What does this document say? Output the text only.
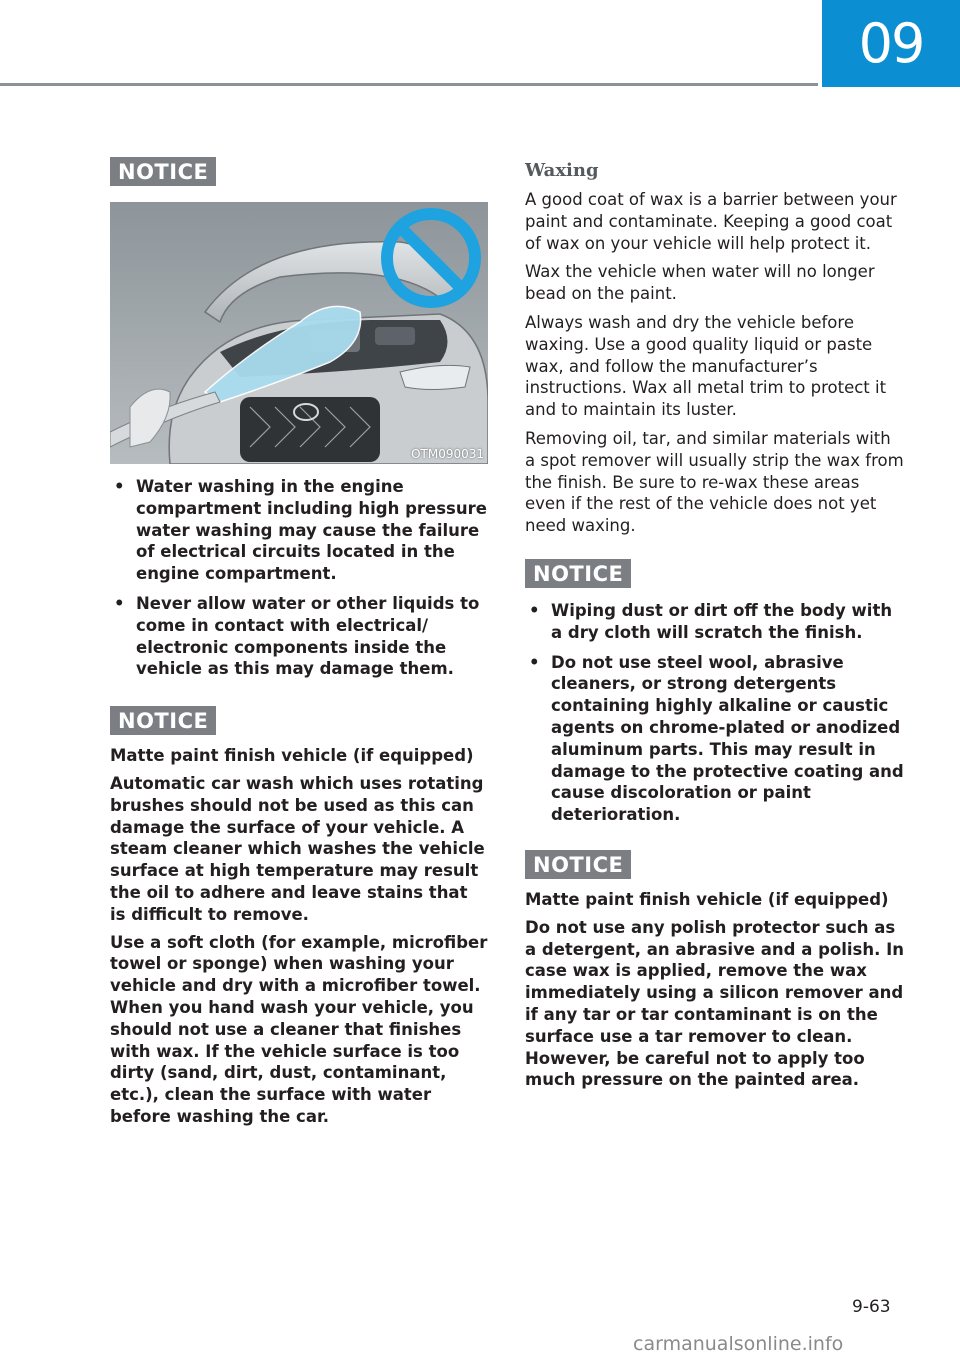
09
NOTICE
OTM090031
• Water washing in the engine compartment including high pressure water washing may cause the failure of electrical circuits located in the engine compartment.
• Never allow water or other liquids to come in contact with electrical/ electronic components inside the vehicle as this may damage them.
NOTICE

Matte paint finish vehicle (if equipped)

Automatic car wash which uses rotating brushes should not be used as this can damage the surface of your vehicle. A steam cleaner which washes the vehicle surface at high temperature may result the oil to adhere and leave stains that is difficult to remove.

Use a soft cloth (for example, microfiber towel or sponge) when washing your vehicle and dry with a microfiber towel. When you hand wash your vehicle, you should not use a cleaner that finishes with wax. If the vehicle surface is too dirty (sand, dirt, dust, contaminant, etc.), clean the surface with water before washing the car.

Waxing

A good coat of wax is a barrier between your paint and contaminate. Keeping a good coat of wax on your vehicle will help protect it.

Wax the vehicle when water will no longer bead on the paint.

Always wash and dry the vehicle before waxing. Use a good quality liquid or paste wax, and follow the manufacturer’s instructions. Wax all metal trim to protect it and to maintain its luster.

Removing oil, tar, and similar materials with a spot remover will usually strip the wax from the finish. Be sure to re-wax these areas even if the rest of the vehicle does not yet need waxing.

NOTICE
• Wiping dust or dirt off the body with a dry cloth will scratch the finish.
• Do not use steel wool, abrasive cleaners, or strong detergents containing highly alkaline or caustic agents on chrome-plated or anodized aluminum parts. This may result in damage to the protective coating and cause discoloration or paint deterioration.
NOTICE

Matte paint finish vehicle (if equipped)

Do not use any polish protector such as a detergent, an abrasive and a polish. In case wax is applied, remove the wax immediately using a silicon remover and if any tar or tar contaminant is on the surface use a tar remover to clean. However, be careful not to apply too much pressure on the painted area.

9-63
carmanualsonline.info
